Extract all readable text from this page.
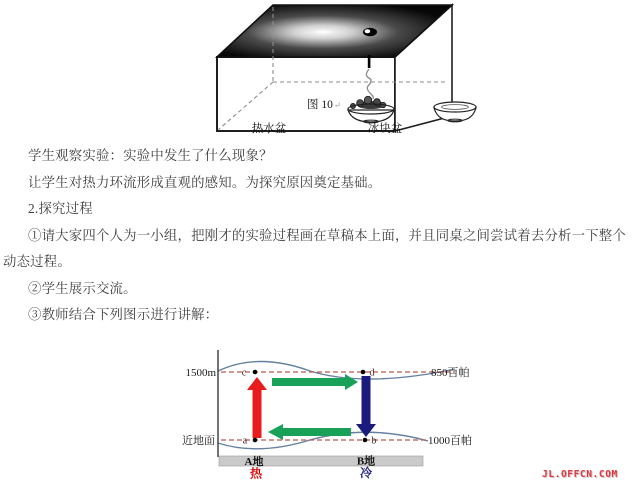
图 10↵
热水盆	冰块盆

学生观察实验：实验中发生了什么现象？

让学生对热力环流形成直观的感知。为探究原因奠定基础。

2.探究过程

①请大家四个人为一小组，把刚才的实验过程画在草稿本上面，并且同桌之间尝试着去分析一下整个动态过程。

②学生展示交流。

③教师结合下列图示进行讲解：

c	d
a	b
1500m
近地面
850百帕
1000百帕
A地
热
B地
冷	JL.OFFCN.COM
